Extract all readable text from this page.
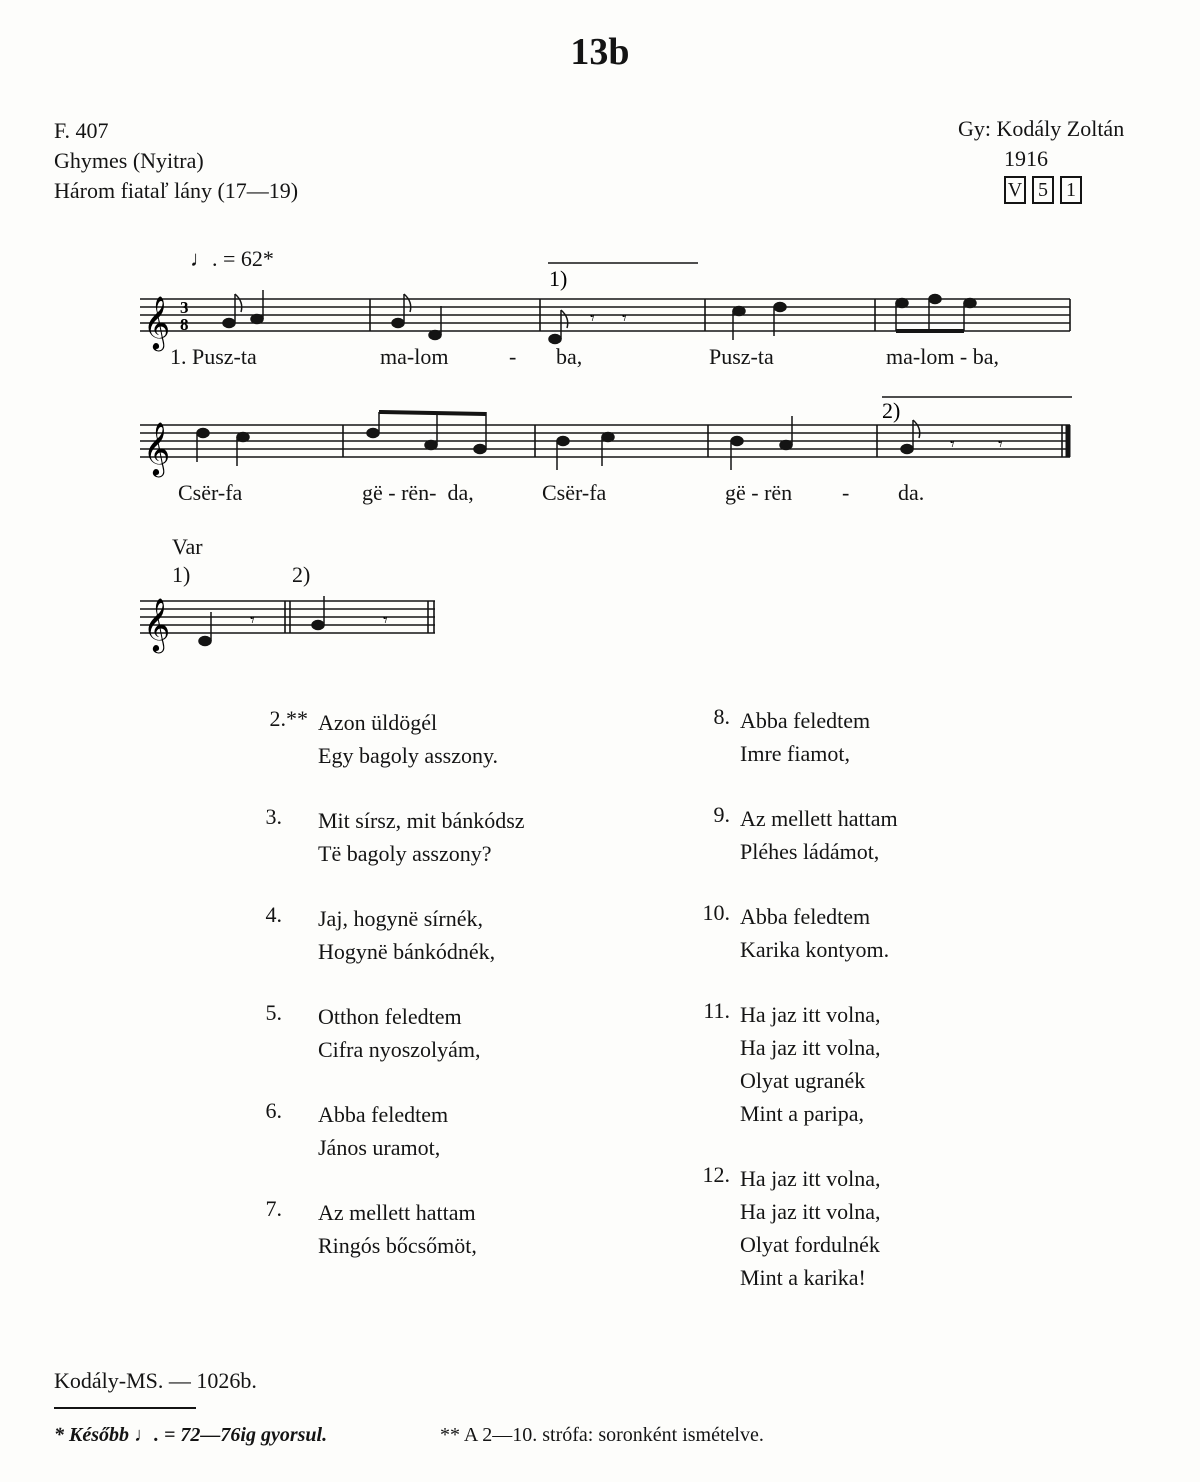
13b
F. 407
Ghymes (Nyitra)
Három fiataľ lány (17—19)
Gy: Kodály Zoltán
1916
V 5 1
♩. = 62*
𝄞 3
8	𝄾 𝄾
1)
𝄞	𝄾 𝄾
2)
𝄞	𝄾	𝄾
1. Pusz-ta	ma-lom	- ba,	Pusz-ta	ma-lom - ba,
Csër-fa	gë - rën-  da,	Csër-fa	gë - rën - da.
Var
1)	2)
2.** Azon üldögél
Egy bagoly asszony.
3. Mit sírsz, mit bánkódsz
Të bagoly asszony?
4. Jaj, hogynë sírnék,
Hogynë bánkódnék,
5. Otthon feledtem
Cifra nyoszolyám,
6. Abba feledtem
János uramot,
7. Az mellett hattam
Ringós bőcsőmöt,
8. Abba feledtem
Imre fiamot,
9. Az mellett hattam
Pléhes ládámot,
10. Abba feledtem
Karika kontyom.
11. Ha jaz itt volna,
Ha jaz itt volna,
Olyat ugranék
Mint a paripa,
12. Ha jaz itt volna,
Ha jaz itt volna,
Olyat fordulnék
Mint a karika!
Kodály-MS. — 1026b.
* Később ♩. = 72—76ig gyorsul.	** A 2—10. strófa: soronként ismételve.
